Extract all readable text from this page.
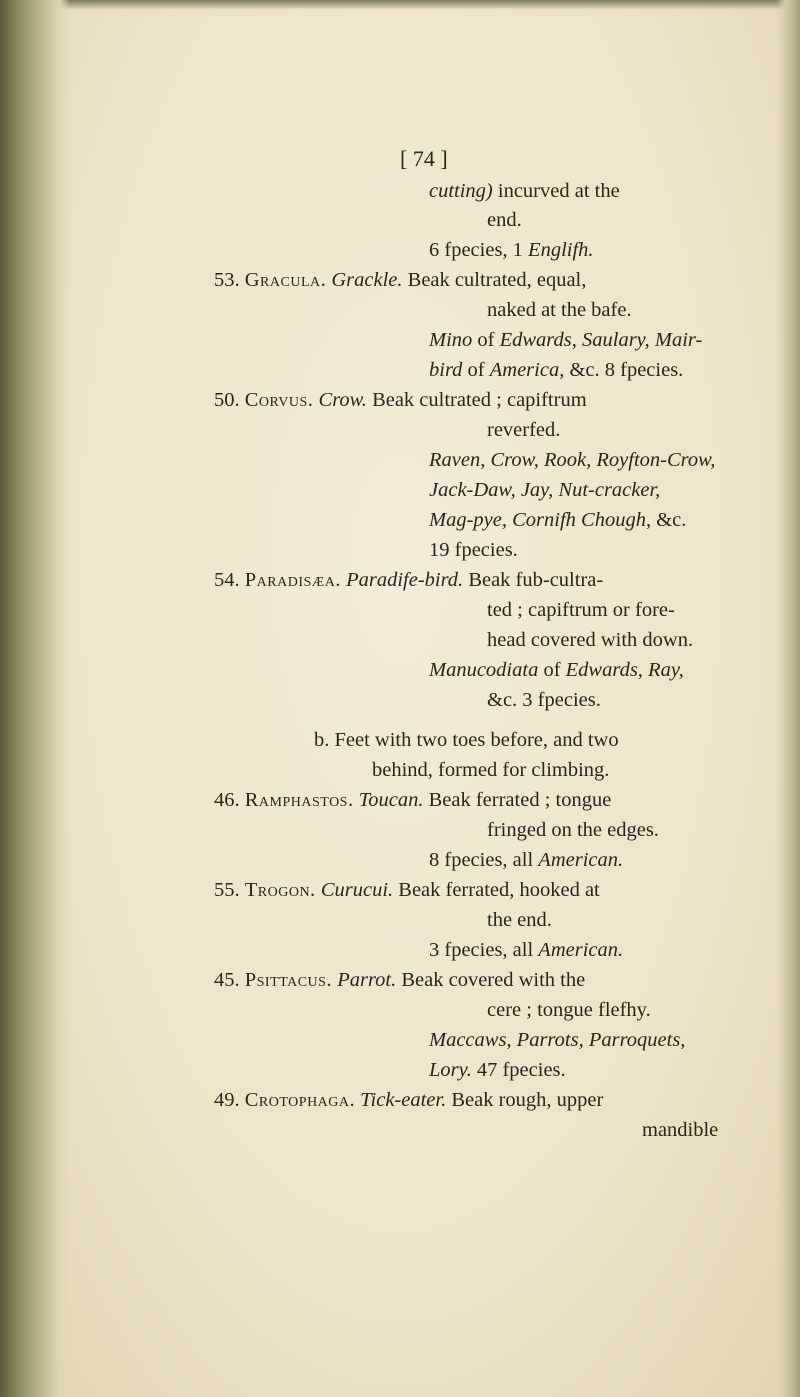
[ 74 ]
cutting) incurved at the
end.
6 fpecies, 1 Englifh.
53. Gracula. Grackle. Beak cultrated, equal,
naked at the bafe.
Mino of Edwards, Saulary, Mair-
bird of America, &c. 8 fpecies.
50. Corvus. Crow. Beak cultrated ; capiftrum
reverfed.
Raven, Crow, Rook, Royfton-Crow,
Jack-Daw, Jay, Nut-cracker,
Mag-pye, Cornifh Chough, &c.
19 fpecies.
54. Paradisæa. Paradife-bird. Beak fub-cultra-
ted ; capiftrum or fore-
head covered with down.
Manucodiata of Edwards, Ray,
&c. 3 fpecies.
b. Feet with two toes before, and two
behind, formed for climbing.
46. Ramphastos. Toucan. Beak ferrated ; tongue
fringed on the edges.
8 fpecies, all American.
55. Trogon. Curucui. Beak ferrated, hooked at
the end.
3 fpecies, all American.
45. Psittacus. Parrot. Beak covered with the
cere ; tongue flefhy.
Maccaws, Parrots, Parroquets,
Lory. 47 fpecies.
49. Crotophaga. Tick-eater. Beak rough, upper
mandible
